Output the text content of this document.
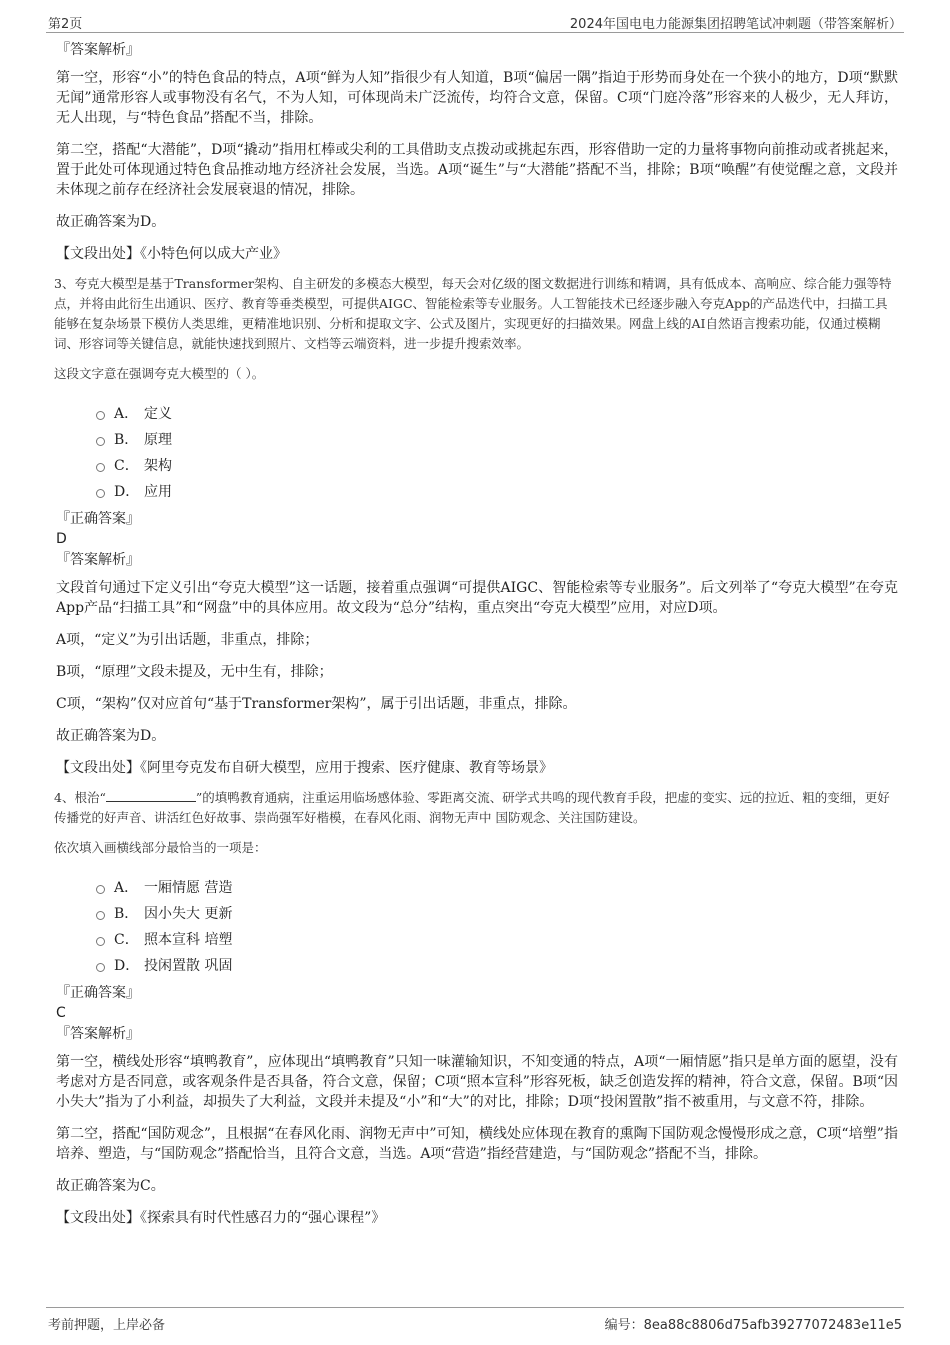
第2页	2024年国电电力能源集团招聘笔试冲刺题（带答案解析）
『答案解析』
第一空，形容“小”的特色食品的特点，A项“鲜为人知”指很少有人知道，B项“偏居一隅”指迫于形势而身处在一个狭小的地方，D项“默默无闻”通常形容人或事物没有名气，不为人知，可体现尚未广泛流传，均符合文意，保留。C项“门庭冷落”形容来的人极少，无人拜访，无人出现，与“特色食品”搭配不当，排除。
第二空，搭配“大潜能”，D项“撬动”指用杠棒或尖利的工具借助支点拨动或挑起东西，形容借助一定的力量将事物向前推动或者挑起来，置于此处可体现通过特色食品推动地方经济社会发展，当选。A项“诞生”与“大潜能”搭配不当，排除；B项“唤醒”有使觉醒之意，文段并未体现之前存在经济社会发展衰退的情况，排除。
故正确答案为D。
【文段出处】《小特色何以成大产业》
3、夸克大模型是基于Transformer架构、自主研发的多模态大模型，每天会对亿级的图文数据进行训练和精调，具有低成本、高响应、综合能力强等特点，并将由此衍生出通识、医疗、教育等垂类模型，可提供AIGC、智能检索等专业服务。人工智能技术已经逐步融入夸克App的产品迭代中，扫描工具能够在复杂场景下模仿人类思维，更精准地识别、分析和提取文字、公式及图片，实现更好的扫描效果。网盘上线的AI自然语言搜索功能，仅通过模糊词、形容词等关键信息，就能快速找到照片、文档等云端资料，进一步提升搜索效率。
这段文字意在强调夸克大模型的（ ）。
A． 定义
B． 原理
C． 架构
D． 应用
『正确答案』
D
『答案解析』
文段首句通过下定义引出“夸克大模型”这一话题，接着重点强调“可提供AIGC、智能检索等专业服务”。后文列举了“夸克大模型”在夸克App产品“扫描工具”和“网盘”中的具体应用。故文段为“总分”结构，重点突出“夸克大模型”应用，对应D项。
A项，“定义”为引出话题，非重点，排除；
B项，“原理”文段未提及，无中生有，排除；
C项，“架构”仅对应首句“基于Transformer架构”，属于引出话题，非重点，排除。
故正确答案为D。
【文段出处】《阿里夸克发布自研大模型，应用于搜索、医疗健康、教育等场景》
4、根治“	”的填鸭教育通病，注重运用临场感体验、零距离交流、研学式共鸣的现代教育手段，把虚的变实、远的拉近、粗的变细，更好传播党的好声音、讲活红色好故事、崇尚强军好楷模，在春风化雨、润物无声中 国防观念、关注国防建设。
依次填入画横线部分最恰当的一项是：
A． 一厢情愿 营造
B． 因小失大 更新
C． 照本宣科 培塑
D． 投闲置散 巩固
『正确答案』
C
『答案解析』
第一空，横线处形容“填鸭教育”，应体现出“填鸭教育”只知一味灌输知识，不知变通的特点，A项“一厢情愿”指只是单方面的愿望，没有考虑对方是否同意，或客观条件是否具备，符合文意，保留；C项“照本宣科”形容死板，缺乏创造发挥的精神，符合文意，保留。B项“因小失大”指为了小利益，却损失了大利益，文段并未提及“小”和“大”的对比，排除；D项“投闲置散”指不被重用，与文意不符，排除。
第二空，搭配“国防观念”，且根据“在春风化雨、润物无声中”可知，横线处应体现在教育的熏陶下国防观念慢慢形成之意，C项“培塑”指培养、塑造，与“国防观念”搭配恰当，且符合文意，当选。A项“营造”指经营建造，与“国防观念”搭配不当，排除。
故正确答案为C。
【文段出处】《探索具有时代性感召力的“强心课程”》
考前押题，上岸必备	编号：8ea88c8806d75afb39277072483e11e5
